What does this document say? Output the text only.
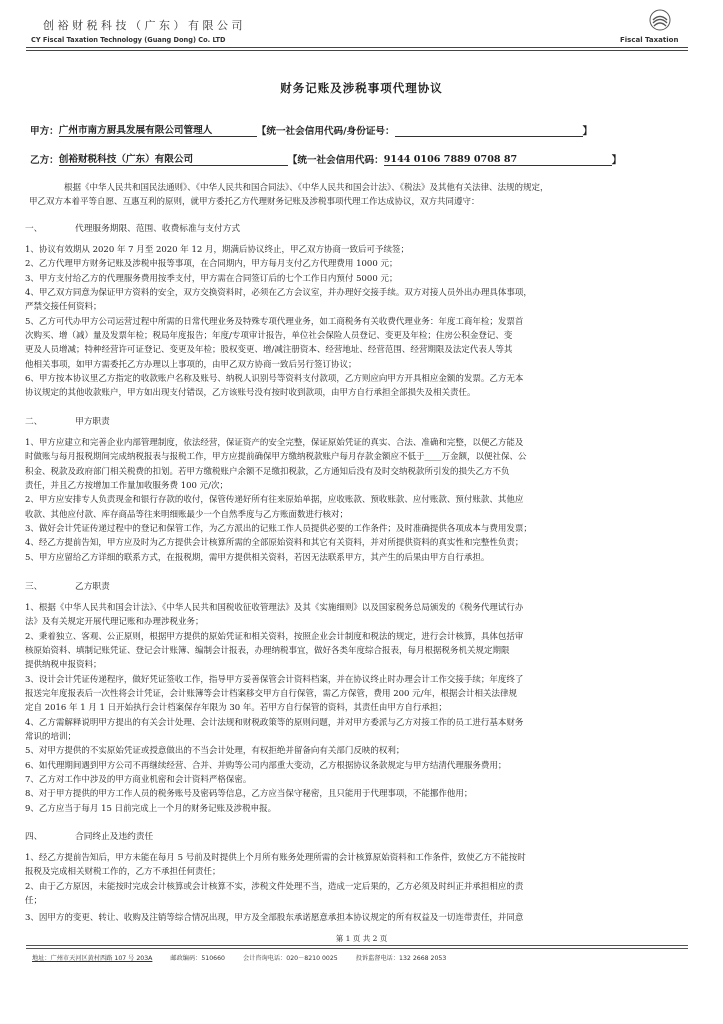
创裕财税科技（广东）有限公司
CY Fiscal Taxation Technology (Guang Dong) Co. LTD	Fiscal Taxation
财务记账及涉税事项代理协议
甲方：广州市南方厨具发展有限公司管理人	【统一社会信用代码/身份证号：	】
乙方：创裕财税科技（广东）有限公司	【统一社会信用代码：9144 0106 7889 0708 87	】
根据《中华人民共和国民法通则》、《中华人民共和国合同法》、《中华人民共和国会计法》、《税法》及其他有关法律、法规的规定，
甲乙双方本着平等自愿、互惠互利的原则，就甲方委托乙方代理财务记账及涉税事项代理工作达成协议，双方共同遵守：
一、	代理服务期限、范围、收费标准与支付方式
1、协议有效期从 2020 年 7 月至 2020 年 12 月，期满后协议终止，甲乙双方协商一致后可予续签；
2、乙方代理甲方财务记账及涉税申报等事项，在合同期内，甲方每月支付乙方代理费用 1000 元；
3、甲方支付给乙方的代理服务费用按季支付，甲方需在合同签订后的七个工作日内预付 5000 元；
4、甲乙双方同意为保证甲方资料的安全，双方交换资料时，必须在乙方会议室，并办理好交接手续。双方对接人员外出办理具体事项，
严禁交接任何资料；
5、乙方可代办甲方公司运营过程中所需的日常代理业务及特殊专项代理业务，如工商税务有关收费代理业务：年度工商年检；发票首
次购买、增（减）量及发票年检；税局年度报告；年度/专项审计报告，单位社会保险人员登记、变更及年检；住房公积金登记、变
更及人员增减；特种经营许可证登记、变更及年检；股权变更、增/减注册资本、经营地址、经营范围、经营期限及法定代表人等其
他相关事项，如甲方需委托乙方办理以上事项的，由甲乙双方协商一致后另行签订协议；
6、甲方按本协议里乙方指定的收款账户名称及账号、纳税人识别号等资料支付款项，乙方则应向甲方开具相应金额的发票。乙方无本
协议规定的其他收款账户，甲方如出现支付错误，乙方该账号没有按时收到款项，由甲方自行承担全部损失及相关责任。
二、	甲方职责
1、甲方应建立和完善企业内部管理制度，依法经营，保证资产的安全完整，保证原始凭证的真实、合法、准确和完整，以便乙方能及
时做账与每月报税期间完成纳税报表与报税工作，甲方应提前确保甲方缴纳税款账户每月存款金额应不低于____万金额，以便社保、公
积金、税款及政府部门相关税费的扣划。若甲方缴税账户余额不足缴扣税款，乙方通知后没有及时交纳税款所引发的损失乙方不负
责任，并且乙方按增加工作量加收服务费 100 元/次；
2、甲方应安排专人负责现金和银行存款的收付，保管传递好所有往来原始单据，应收账款、预收账款、应付账款、预付账款、其他应
收款、其他应付款、库存商品等往来明细账最少一个自然季度与乙方账面数进行核对；
3、做好会计凭证传递过程中的登记和保管工作，为乙方派出的记账工作人员提供必要的工作条件；及时准确提供各项成本与费用发票；
4、经乙方提前告知，甲方应及时为乙方提供会计核算所需的全部原始资料和其它有关资料，并对所提供资料的真实性和完整性负责；
5、甲方应留给乙方详细的联系方式，在报税期，需甲方提供相关资料，若因无法联系甲方，其产生的后果由甲方自行承担。
三、	乙方职责
1、根据《中华人民共和国会计法》、《中华人民共和国税收征收管理法》及其《实施细则》以及国家税务总局颁发的《税务代理试行办
法》及有关规定开展代理记账和办理涉税业务；
2、秉着独立、客观、公正原则，根据甲方提供的原始凭证和相关资料，按照企业会计制度和税法的规定，进行会计核算，具体包括审
核原始资料、填制记账凭证、登记会计账簿、编制会计报表，办理纳税事宜，做好各类年度综合报表，每月根据税务机关规定期限
提供纳税申报资料；
3、设计会计凭证传递程序，做好凭证签收工作，指导甲方妥善保管会计资料档案，并在协议终止时办理会计工作交接手续；年度终了
报送完年度报表后一次性将会计凭证，会计账簿等会计档案移交甲方自行保管，需乙方保管，费用 200 元/年，根据会计相关法律规
定自 2016 年 1 月 1 日开始执行会计档案保存年限为 30 年。若甲方自行保管的资料，其责任由甲方自行承担；
4、乙方需解释说明甲方提出的有关会计处理、会计法规和财税政策等的原则问题，并对甲方委派与乙方对接工作的员工进行基本财务
常识的培训；
5、对甲方提供的不实原始凭证或授意做出的不当会计处理，有权拒绝并留备向有关部门反映的权利；
6、如代理期间遇到甲方公司不再继续经营、合并、并购等公司内部重大变动，乙方根据协议条款规定与甲方结清代理服务费用；
7、乙方对工作中涉及的甲方商业机密和会计资料严格保密。
8、对于甲方提供的甲方工作人员的税务账号及密码等信息，乙方应当保守秘密，且只能用于代理事项，不能挪作他用；
9、乙方应当于每月 15 日前完成上一个月的财务记账及涉税申报。
四、	合同终止及违约责任
1、经乙方提前告知后，甲方未能在每月 5 号前及时提供上个月所有账务处理所需的会计核算原始资料和工作条件，致使乙方不能按时
报税及完成相关财税工作的，乙方不承担任何责任；
2、由于乙方原因，未能按时完成会计核算或会计核算不实，涉税文件处理不当，造成一定后果的，乙方必须及时纠正并承担相应的责
任；
3、因甲方的变更、转让、收购及注销等综合情况出现，甲方及全部股东承诺愿意承担本协议规定的所有权益及一切连带责任，并同意
第 1 页 共 2 页
地址：广州市天河区黄村西路 107 号 203A	邮政编码：510660	会计咨询电话：020－8210 0025	投诉监督电话：132 2668 2053
